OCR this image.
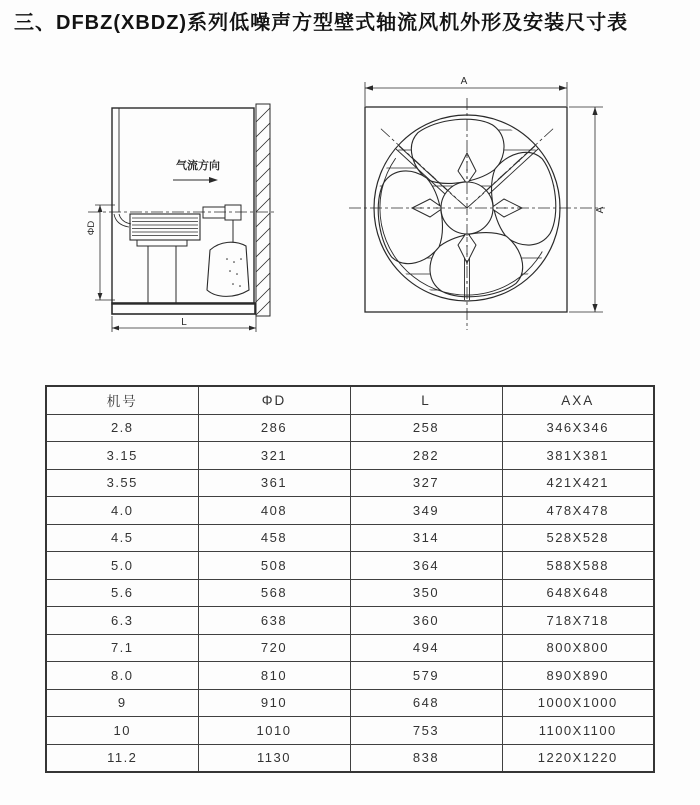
三、DFBZ(XBDZ)系列低噪声方型壁式轴流风机外形及安装尺寸表
气流方向
ΦD
L
A
A
机号	ΦD	L	AXA
2.8	286	258	346X346
3.15	321	282	381X381
3.55	361	327	421X421
4.0	408	349	478X478
4.5	458	314	528X528
5.0	508	364	588X588
5.6	568	350	648X648
6.3	638	360	718X718
7.1	720	494	800X800
8.0	810	579	890X890
9	910	648	1000X1000
10	1010	753	1100X1100
11.2	1130	838	1220X1220
